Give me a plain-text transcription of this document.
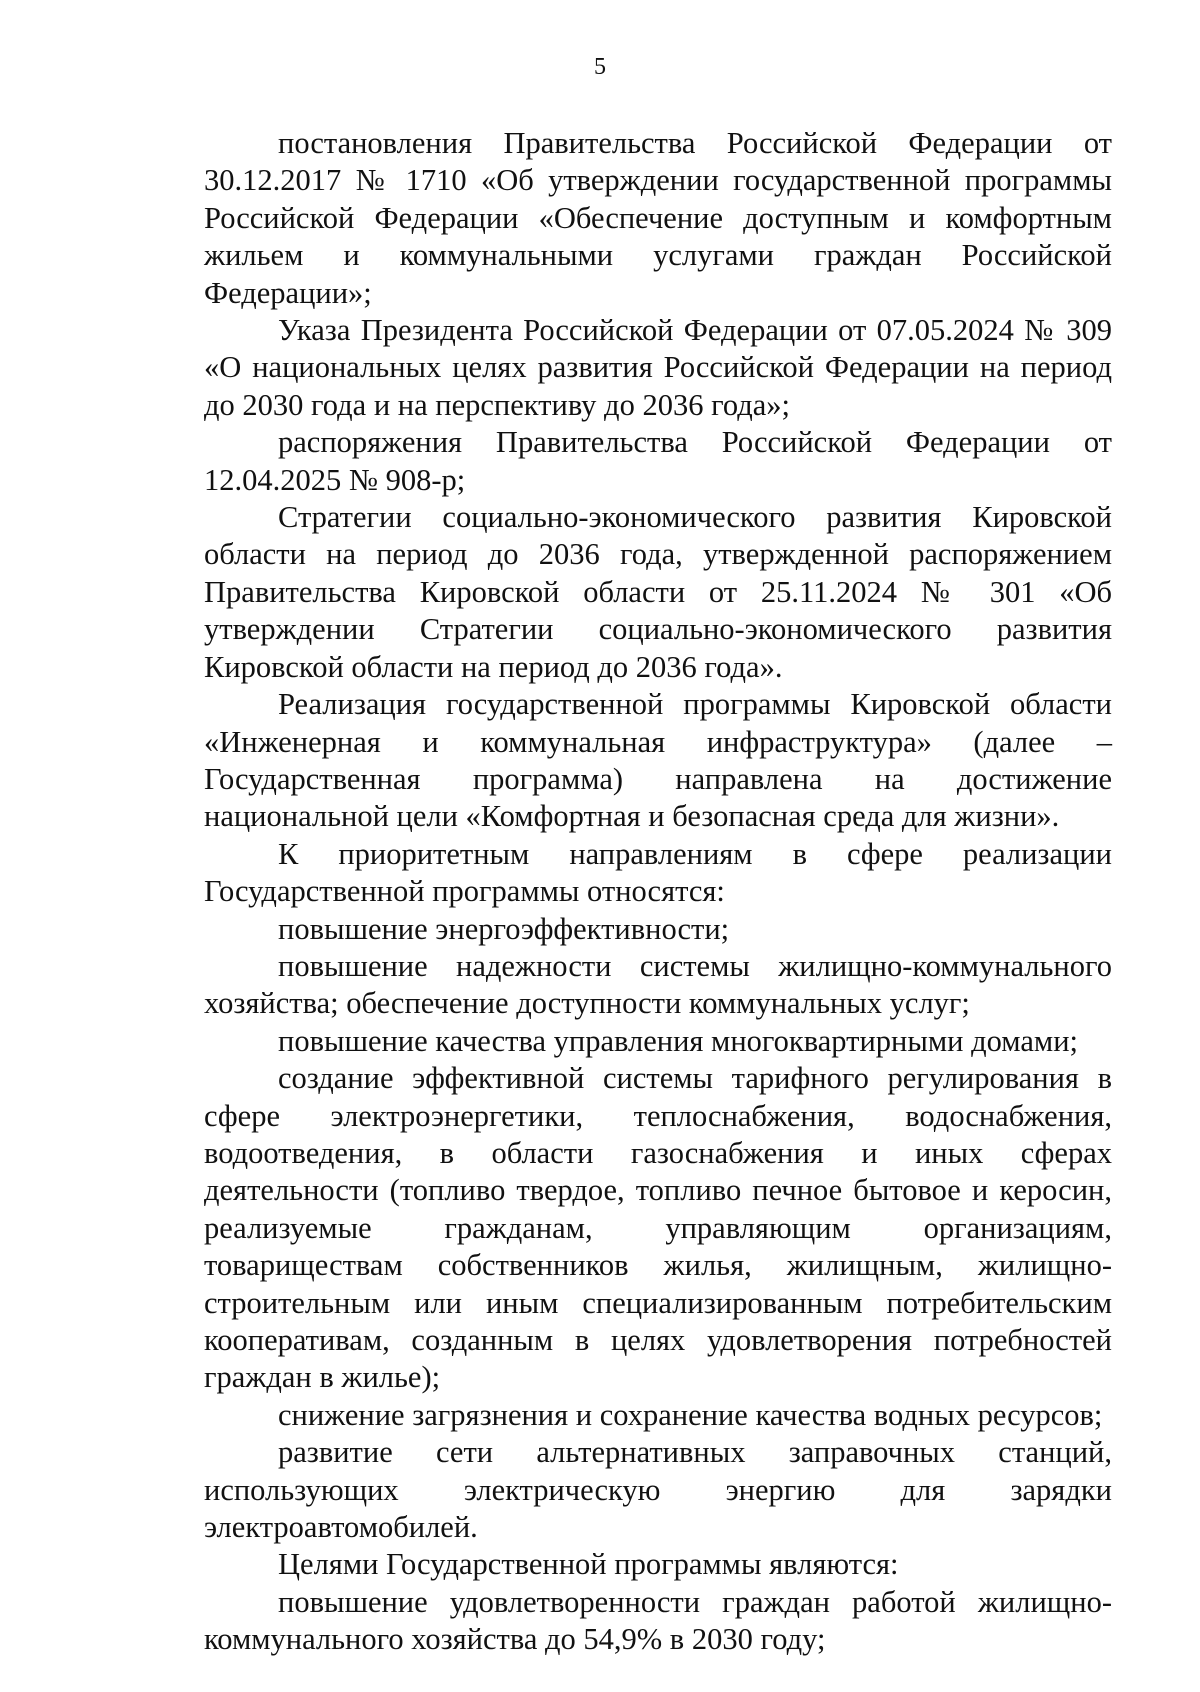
5

постановления Правительства Российской Федерации от 30.12.2017 № 1710 «Об утверждении государственной программы Российской Федерации «Обеспечение доступным и комфортным жильем и коммунальными услугами граждан Российской Федерации»;

Указа Президента Российской Федерации от 07.05.2024 № 309 «О национальных целях развития Российской Федерации на период до 2030 года и на перспективу до 2036 года»;

распоряжения Правительства Российской Федерации от 12.04.2025 № 908-р;

Стратегии социально-экономического развития Кировской области на период до 2036 года, утвержденной распоряжением Правительства Кировской области от 25.11.2024 № 301 «Об утверждении Стратегии социально-экономического развития Кировской области на период до 2036 года».

Реализация государственной программы Кировской области «Инженерная и коммунальная инфраструктура» (далее – Государственная программа) направлена на достижение национальной цели «Комфортная и безопасная среда для жизни».

К приоритетным направлениям в сфере реализации Государственной программы относятся:

повышение энергоэффективности;

повышение надежности системы жилищно-коммунального хозяйства; обеспечение доступности коммунальных услуг;

повышение качества управления многоквартирными домами;

создание эффективной системы тарифного регулирования в сфере электроэнергетики, теплоснабжения, водоснабжения, водоотведения, в области газоснабжения и иных сферах деятельности (топливо твердое, топливо печное бытовое и керосин, реализуемые гражданам, управляющим организациям, товариществам собственников жилья, жилищным, жилищно-строительным или иным специализированным потребительским кооперативам, созданным в целях удовлетворения потребностей граждан в жилье);

снижение загрязнения и сохранение качества водных ресурсов;

развитие сети альтернативных заправочных станций, использующих электрическую энергию для зарядки электроавтомобилей.

Целями Государственной программы являются:

повышение удовлетворенности граждан работой жилищно-коммунального хозяйства до 54,9% в 2030 году;
